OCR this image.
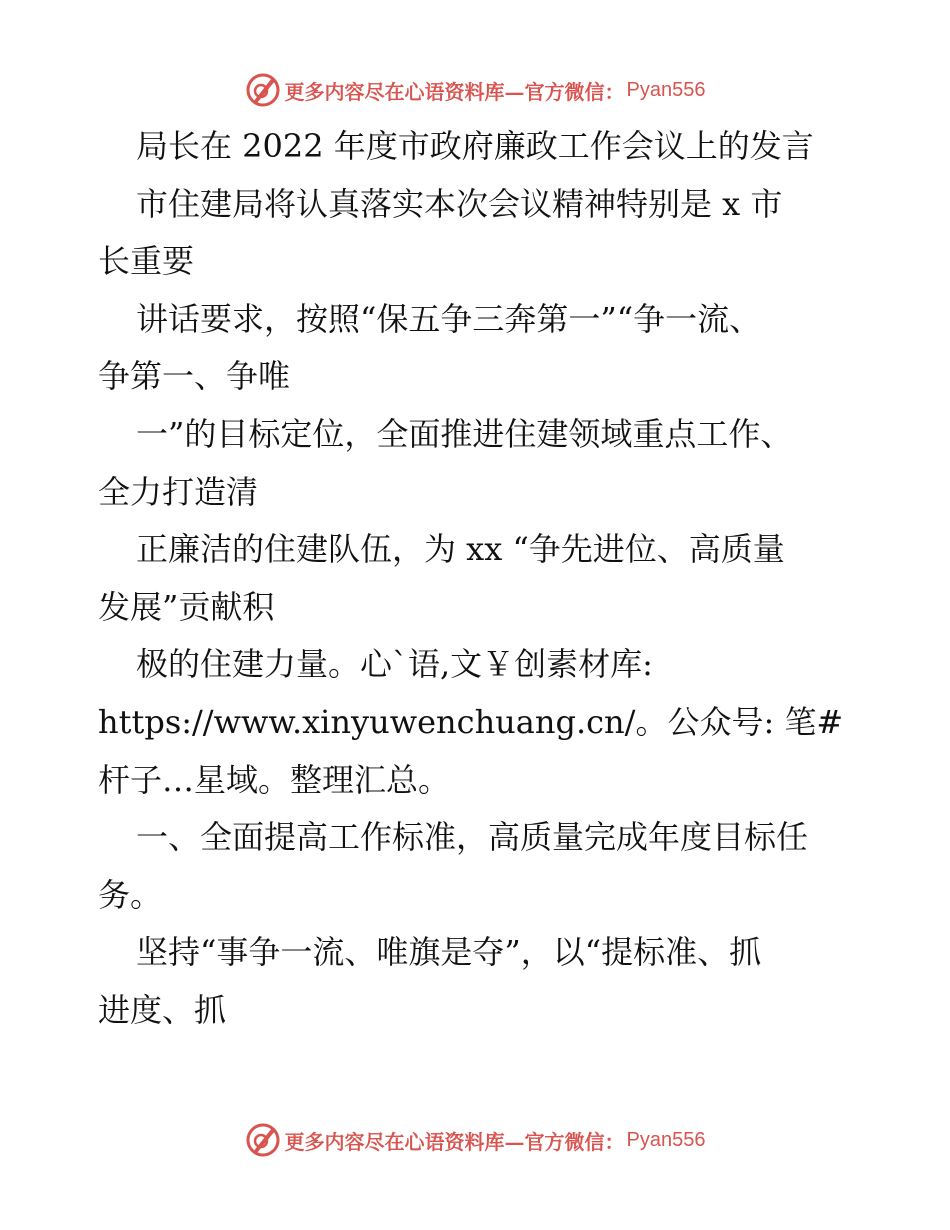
更多内容尽在心语资料库—官方微信： Pyan556
局长在 2022 年度市政府廉政工作会议上的发言
市住建局将认真落实本次会议精神特别是 x 市
长重要
讲话要求，按照“保五争三奔第一”“争一流、
争第一、争唯
一”的目标定位，全面推进住建领域重点工作、
全力打造清
正廉洁的住建队伍，为 xx “争先进位、高质量
发展”贡献积
极的住建力量。心`语,文￥创素材库:
https://www.xinyuwenchuang.cn/。公众号: 笔#
杆子…星域。整理汇总。
一、全面提高工作标准，高质量完成年度目标任
务。
坚持“事争一流、唯旗是夺”，以“提标准、抓
进度、抓
更多内容尽在心语资料库—官方微信： Pyan556
